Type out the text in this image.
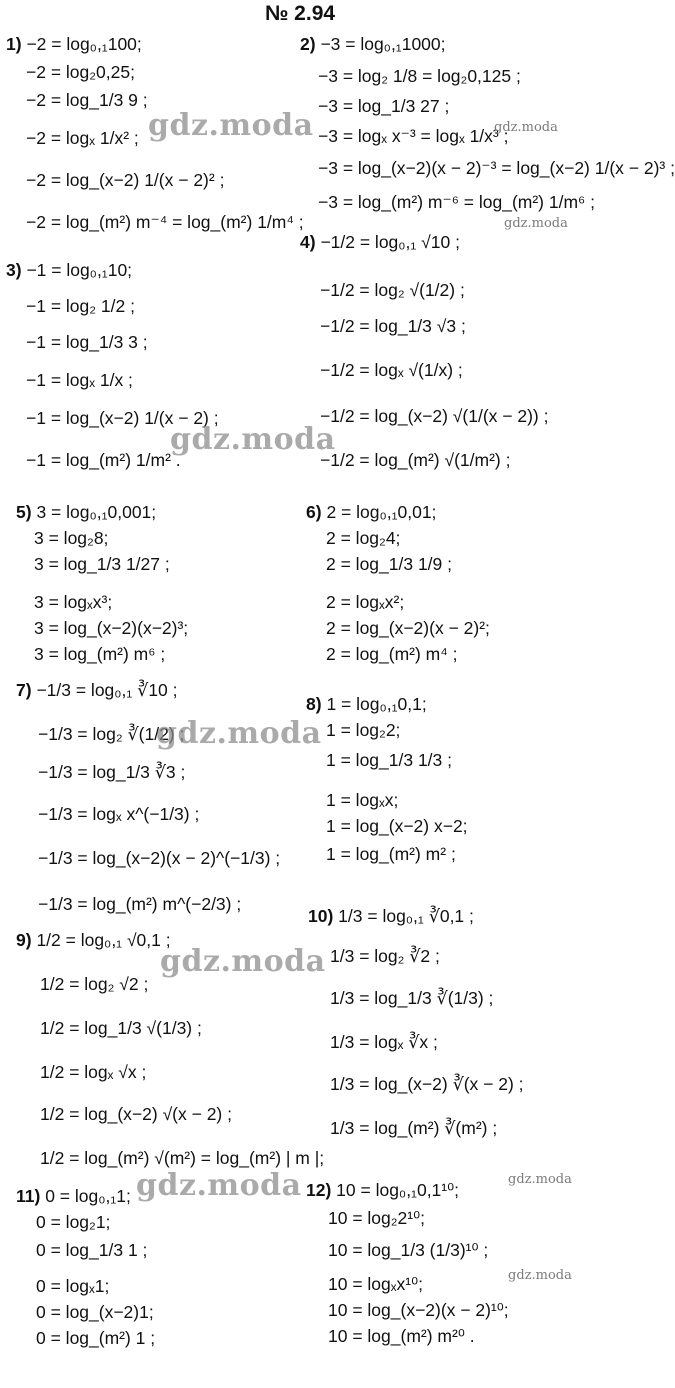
№ 2.94
1) −2 = log₀,₁100;
−2 = log₂0,25;
−2 = log_1/3 9 ;
−2 = logₓ 1/x² ;
−2 = log_(x−2) 1/(x − 2)² ;
−2 = log_(m²) m⁻⁴ = log_(m²) 1/m⁴ ;
2) −3 = log₀,₁1000;
−3 = log₂ 1/8 = log₂0,125 ;
−3 = log_1/3 27 ;
−3 = logₓ x⁻³ = logₓ 1/x³ ;
−3 = log_(x−2)(x − 2)⁻³ = log_(x−2) 1/(x − 2)³ ;
−3 = log_(m²) m⁻⁶ = log_(m²) 1/m⁶ ;
3) −1 = log₀,₁10;
−1 = log₂ 1/2 ;
−1 = log_1/3 3 ;
−1 = logₓ 1/x ;
−1 = log_(x−2) 1/(x − 2) ;
−1 = log_(m²) 1/m² .
4) −1/2 = log₀,₁ √10 ;
−1/2 = log₂ √(1/2) ;
−1/2 = log_1/3 √3 ;
−1/2 = logₓ √(1/x) ;
−1/2 = log_(x−2) √(1/(x − 2)) ;
−1/2 = log_(m²) √(1/m²) ;
5) 3 = log₀,₁0,001;
3 = log₂8;
3 = log_1/3 1/27 ;
3 = logₓx³;
3 = log_(x−2)(x−2)³;
3 = log_(m²) m⁶ ;
6) 2 = log₀,₁0,01;
2 = log₂4;
2 = log_1/3 1/9 ;
2 = logₓx²;
2 = log_(x−2)(x − 2)²;
2 = log_(m²) m⁴ ;
7) −1/3 = log₀,₁ ∛10 ;
−1/3 = log₂ ∛(1/2) ;
−1/3 = log_1/3 ∛3 ;
−1/3 = logₓ x^(−1/3) ;
−1/3 = log_(x−2)(x − 2)^(−1/3) ;
−1/3 = log_(m²) m^(−2/3) ;
8) 1 = log₀,₁0,1;
1 = log₂2;
1 = log_1/3 1/3 ;
1 = logₓx;
1 = log_(x−2) x−2;
1 = log_(m²) m² ;
9) 1/2 = log₀,₁ √0,1 ;
1/2 = log₂ √2 ;
1/2 = log_1/3 √(1/3) ;
1/2 = logₓ √x ;
1/2 = log_(x−2) √(x − 2) ;
1/2 = log_(m²) √(m²) = log_(m²) | m |;
10) 1/3 = log₀,₁ ∛0,1 ;
1/3 = log₂ ∛2 ;
1/3 = log_1/3 ∛(1/3) ;
1/3 = logₓ ∛x ;
1/3 = log_(x−2) ∛(x − 2) ;
1/3 = log_(m²) ∛(m²) ;
11) 0 = log₀,₁1;
0 = log₂1;
0 = log_1/3 1 ;
0 = logₓ1;
0 = log_(x−2)1;
0 = log_(m²) 1 ;
12) 10 = log₀,₁0,1¹⁰;
10 = log₂2¹⁰;
10 = log_1/3 (1/3)¹⁰ ;
10 = logₓx¹⁰;
10 = log_(x−2)(x − 2)¹⁰;
10 = log_(m²) m²⁰ .
gdz.moda
gdz.moda
gdz.moda
gdz.moda
gdz.moda
gdz.moda
gdz.moda
gdz.moda
gdz.moda
